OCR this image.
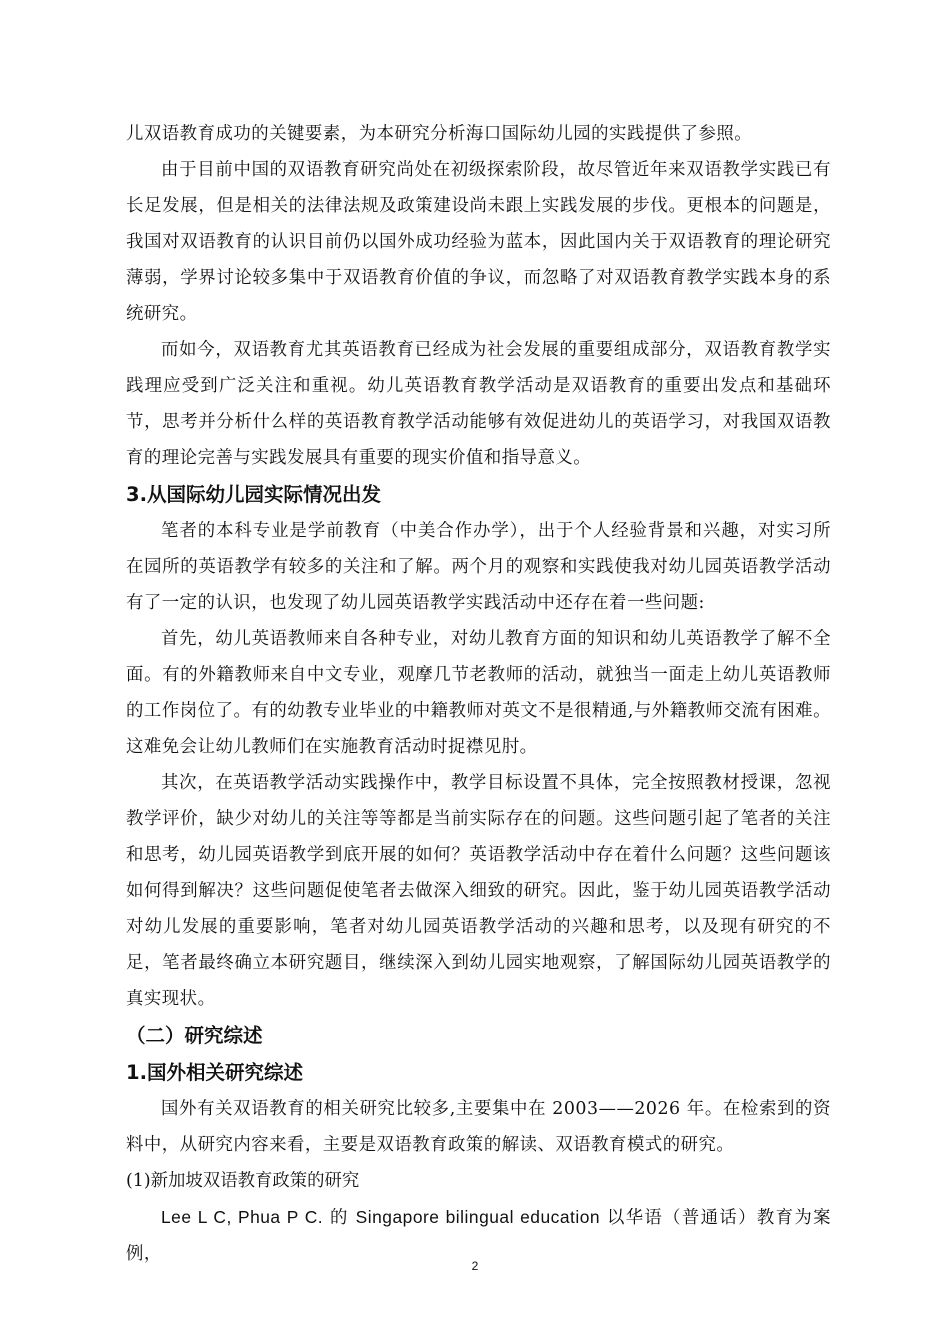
儿双语教育成功的关键要素，为本研究分析海口国际幼儿园的实践提供了参照。

由于目前中国的双语教育研究尚处在初级探索阶段，故尽管近年来双语教学实践已有长足发展，但是相关的法律法规及政策建设尚未跟上实践发展的步伐。更根本的问题是，我国对双语教育的认识目前仍以国外成功经验为蓝本，因此国内关于双语教育的理论研究薄弱，学界讨论较多集中于双语教育价值的争议，而忽略了对双语教育教学实践本身的系统研究。

而如今，双语教育尤其英语教育已经成为社会发展的重要组成部分，双语教育教学实践理应受到广泛关注和重视。幼儿英语教育教学活动是双语教育的重要出发点和基础环节，思考并分析什么样的英语教育教学活动能够有效促进幼儿的英语学习，对我国双语教育的理论完善与实践发展具有重要的现实价值和指导意义。

3.从国际幼儿园实际情况出发

笔者的本科专业是学前教育（中美合作办学），出于个人经验背景和兴趣，对实习所在园所的英语教学有较多的关注和了解。两个月的观察和实践使我对幼儿园英语教学活动有了一定的认识，也发现了幼儿园英语教学实践活动中还存在着一些问题:

首先，幼儿英语教师来自各种专业，对幼儿教育方面的知识和幼儿英语教学了解不全面。有的外籍教师来自中文专业，观摩几节老教师的活动，就独当一面走上幼儿英语教师的工作岗位了。有的幼教专业毕业的中籍教师对英文不是很精通,与外籍教师交流有困难。这难免会让幼儿教师们在实施教育活动时捉襟见肘。

其次，在英语教学活动实践操作中，教学目标设置不具体，完全按照教材授课，忽视教学评价，缺少对幼儿的关注等等都是当前实际存在的问题。这些问题引起了笔者的关注和思考，幼儿园英语教学到底开展的如何？英语教学活动中存在着什么问题？这些问题该如何得到解决？这些问题促使笔者去做深入细致的研究。因此，鉴于幼儿园英语教学活动对幼儿发展的重要影响，笔者对幼儿园英语教学活动的兴趣和思考，以及现有研究的不足，笔者最终确立本研究题目，继续深入到幼儿园实地观察，了解国际幼儿园英语教学的真实现状。

（二）研究综述
1.国外相关研究综述

国外有关双语教育的相关研究比较多,主要集中在 2003——2026 年。在检索到的资料中，从研究内容来看，主要是双语教育政策的解读、双语教育模式的研究。

(1)新加坡双语教育政策的研究

Lee L C, Phua P C. 的 Singapore bilingual education 以华语（普通话）教育为案例，

2
